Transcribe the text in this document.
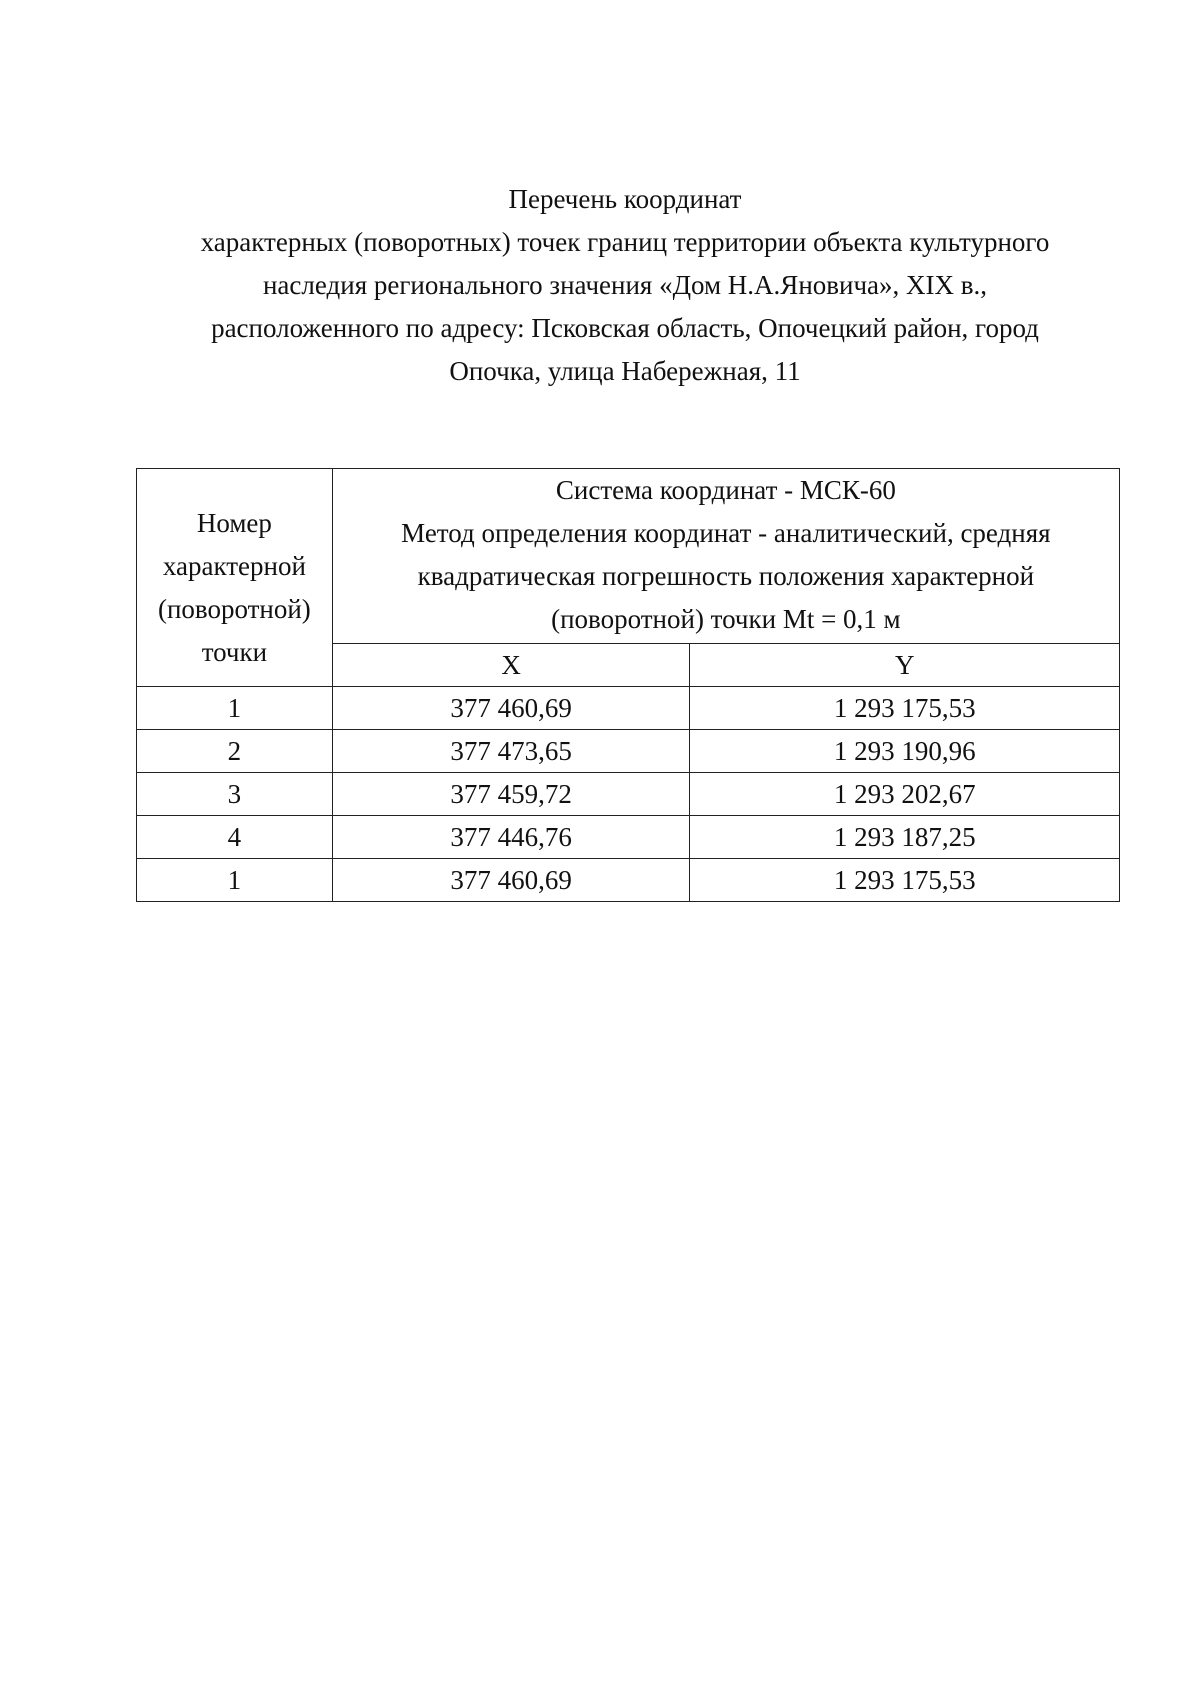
Перечень координат
характерных (поворотных) точек границ территории объекта культурного
наследия регионального значения «Дом Н.А.Яновича», XIX в.,
расположенного по адресу: Псковская область, Опочецкий район, город
Опочка, улица Набережная, 11
Номер
характерной
(поворотной)
точки	Система координат - МСК-60
Метод определения координат - аналитический, средняя
квадратическая погрешность положения характерной
(поворотной) точки Mt = 0,1 м	

	X	Y
1	377 460,69	1 293 175,53
2	377 473,65	1 293 190,96
3	377 459,72	1 293 202,67
4	377 446,76	1 293 187,25
1	377 460,69	1 293 175,53
